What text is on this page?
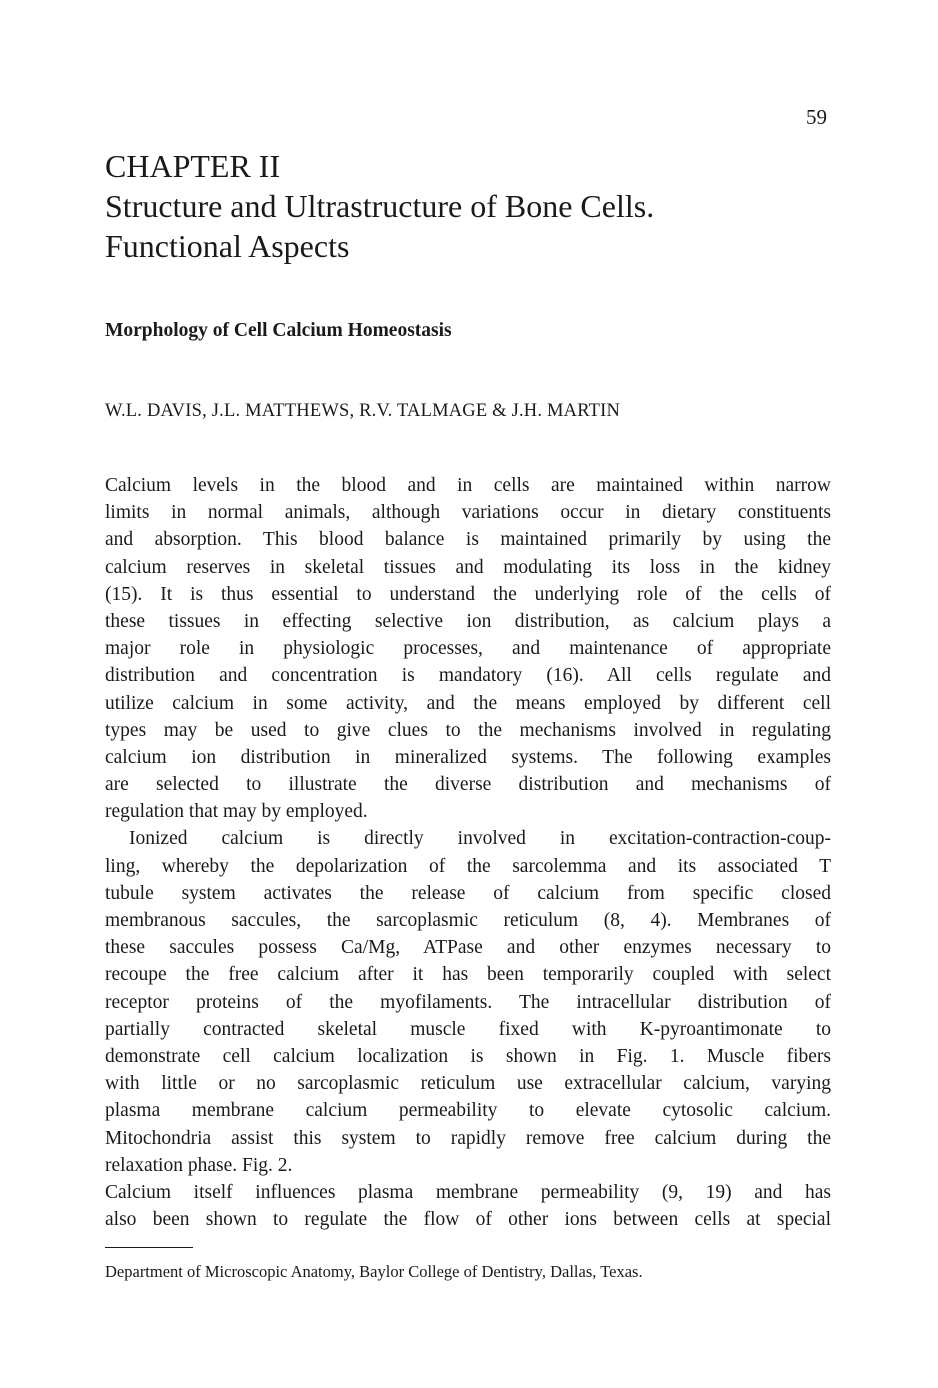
59
CHAPTER II
Structure and Ultrastructure of Bone Cells.
Functional Aspects
Morphology of Cell Calcium Homeostasis
W.L. DAVIS, J.L. MATTHEWS, R.V. TALMAGE & J.H. MARTIN
Calcium levels in the blood and in cells are maintained within narrow
limits in normal animals, although variations occur in dietary constituents
and absorption. This blood balance is maintained primarily by using the
calcium reserves in skeletal tissues and modulating its loss in the kidney
(15). It is thus essential to understand the underlying role of the cells of
these tissues in effecting selective ion distribution, as calcium plays a
major role in physiologic processes, and maintenance of appropriate
distribution and concentration is mandatory (16). All cells regulate and
utilize calcium in some activity, and the means employed by different cell
types may be used to give clues to the mechanisms involved in regulating
calcium ion distribution in mineralized systems. The following examples
are selected to illustrate the diverse distribution and mechanisms of
regulation that may by employed.
Ionized calcium is directly involved in excitation-contraction-coup-
ling, whereby the depolarization of the sarcolemma and its associated T
tubule system activates the release of calcium from specific closed
membranous saccules, the sarcoplasmic reticulum (8, 4). Membranes of
these saccules possess Ca/Mg, ATPase and other enzymes necessary to
recoupe the free calcium after it has been temporarily coupled with select
receptor proteins of the myofilaments. The intracellular distribution of
partially contracted skeletal muscle fixed with K-pyroantimonate to
demonstrate cell calcium localization is shown in Fig. 1. Muscle fibers
with little or no sarcoplasmic reticulum use extracellular calcium, varying
plasma membrane calcium permeability to elevate cytosolic calcium.
Mitochondria assist this system to rapidly remove free calcium during the
relaxation phase. Fig. 2.
Calcium itself influences plasma membrane permeability (9, 19) and has
also been shown to regulate the flow of other ions between cells at special
Department of Microscopic Anatomy, Baylor College of Dentistry, Dallas, Texas.
